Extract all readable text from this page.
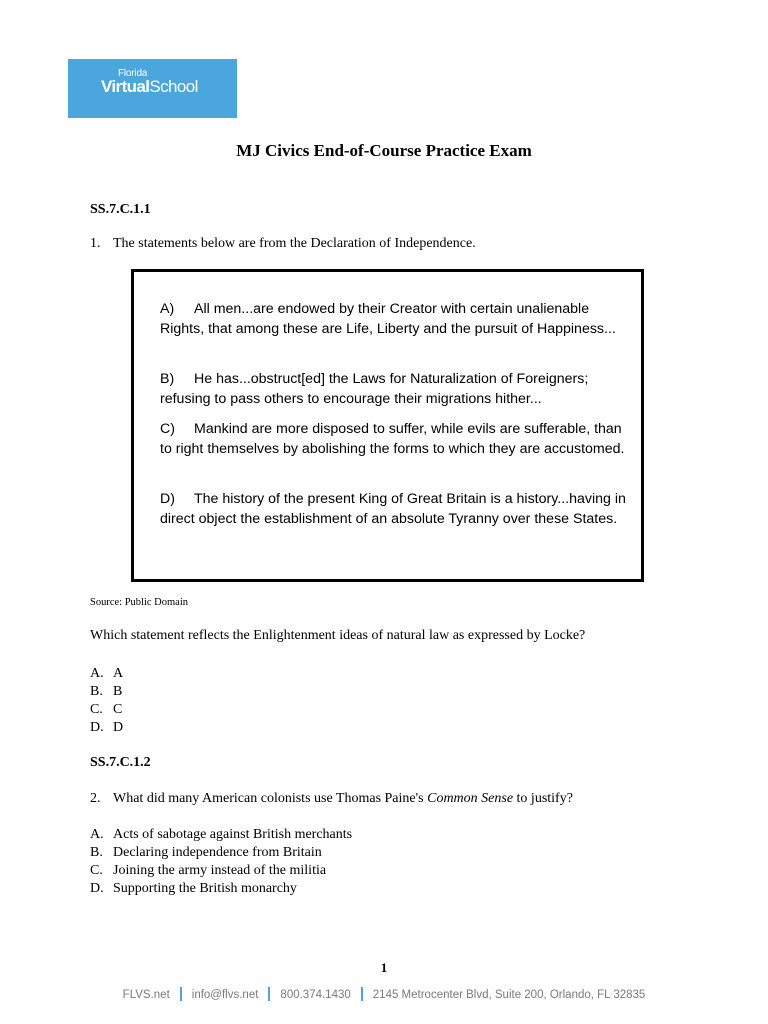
Florida
VirtualSchool
MJ Civics End-of-Course Practice Exam
SS.7.C.1.1
1. The statements below are from the Declaration of Independence.
A) All men...are endowed by their Creator with certain unalienable Rights, that among these are Life, Liberty and the pursuit of Happiness...
B) He has...obstruct[ed] the Laws for Naturalization of Foreigners; refusing to pass others to encourage their migrations hither...
C) Mankind are more disposed to suffer, while evils are sufferable, than to right themselves by abolishing the forms to which they are accustomed.
D) The history of the present King of Great Britain is a history...having in direct object the establishment of an absolute Tyranny over these States.
Source: Public Domain
Which statement reflects the Enlightenment ideas of natural law as expressed by Locke?
A. A
B. B
C. C
D. D
SS.7.C.1.2
2. What did many American colonists use Thomas Paine's Common Sense to justify?
A. Acts of sabotage against British merchants
B. Declaring independence from Britain
C. Joining the army instead of the militia
D. Supporting the British monarchy
1
FLVS.net info@flvs.net 800.374.1430 2145 Metrocenter Blvd, Suite 200, Orlando, FL 32835
